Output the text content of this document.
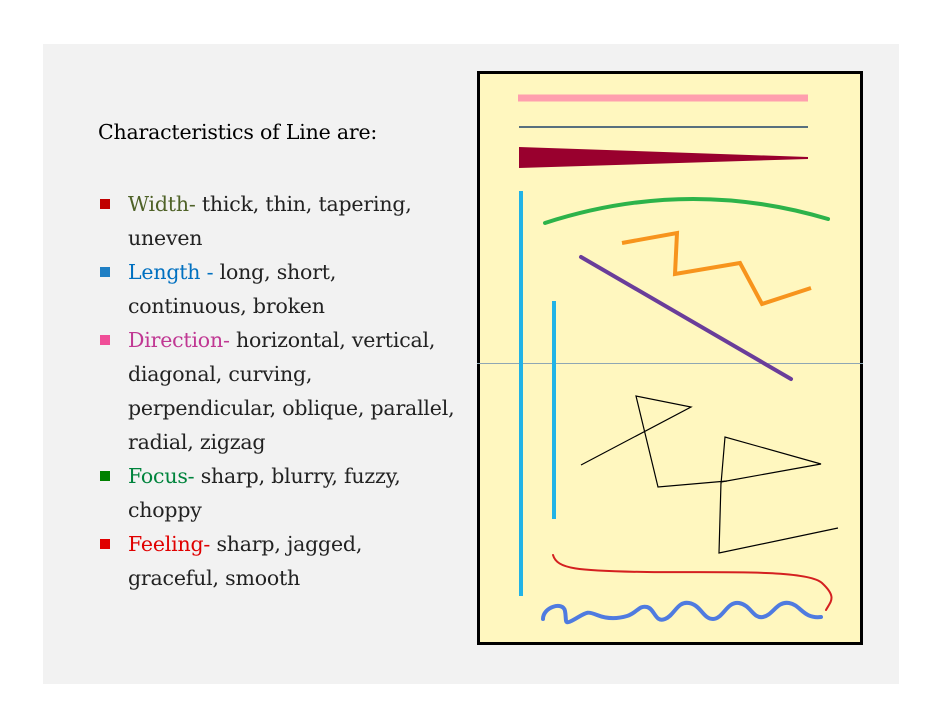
Characteristics of Line are:
Width- thick, thin, tapering, uneven
Length - long, short, continuous, broken
Direction- horizontal, vertical, diagonal, curving, perpendicular, oblique, parallel, radial, zigzag
Focus- sharp, blurry, fuzzy, choppy
Feeling- sharp, jagged, graceful, smooth
